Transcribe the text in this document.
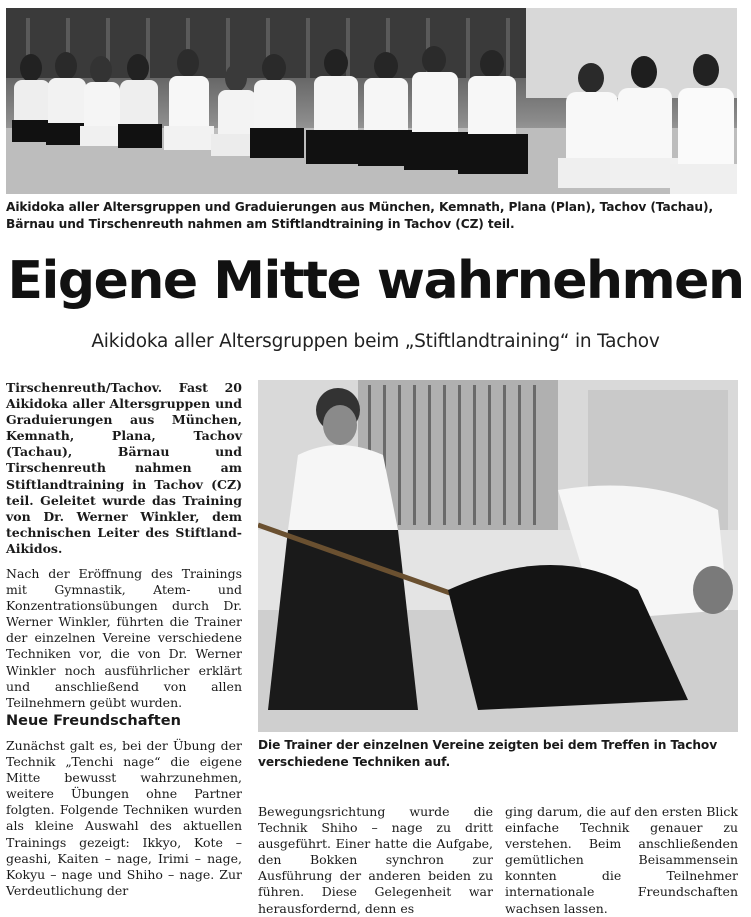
Aikidoka aller Altersgruppen und Graduierungen aus München, Kemnath, Plana (Plan), Tachov (Tachau), Bärnau und Tirschenreuth nahmen am Stiftlandtraining in Tachov (CZ) teil.
Eigene Mitte wahrnehmen
Aikidoka aller Altersgruppen beim „Stiftlandtraining“ in Tachov
Tirschenreuth/Tachov. Fast 20 Aikidoka aller Altersgruppen und Graduierungen aus München, Kemnath, Plana, Tachov (Tachau), Bärnau und Tirschenreuth nahmen am Stiftlandtraining in Tachov (CZ) teil. Geleitet wurde das Training von Dr. Werner Winkler, dem technischen Leiter des Stiftland-Aikidos.
Nach der Eröffnung des Trainings mit Gymnastik, Atem- und Konzentrationsübungen durch Dr. Werner Winkler, führten die Trainer der einzelnen Vereine verschiedene Techniken vor, die von Dr. Werner Winkler noch ausführlicher erklärt und anschließend von allen Teilnehmern geübt wurden.
Neue Freundschaften
Zunächst galt es, bei der Übung der Technik „Tenchi nage“ die eigene Mitte bewusst wahrzunehmen, weitere Übungen ohne Partner folgten. Folgende Techniken wurden als kleine Auswahl des aktuellen Trainings gezeigt: Ikkyo, Kote – geashi, Kaiten – nage, Irimi – nage, Kokyu – nage und Shiho – nage. Zur Verdeutlichung der
Die Trainer der einzelnen Vereine zeigten bei dem Treffen in Tachov verschiedene Techniken auf.
Bewegungsrichtung wurde die Technik Shiho – nage zu dritt ausgeführt. Einer hatte die Aufgabe, den Bokken synchron zur Ausführung der anderen beiden zu führen. Diese Gelegenheit war herausfordernd, denn es
ging darum, die auf den ersten Blick einfache Technik genauer zu verstehen. Beim anschließenden gemütlichen Beisammensein konnten die Teilnehmer internationale Freundschaften wachsen lassen.
